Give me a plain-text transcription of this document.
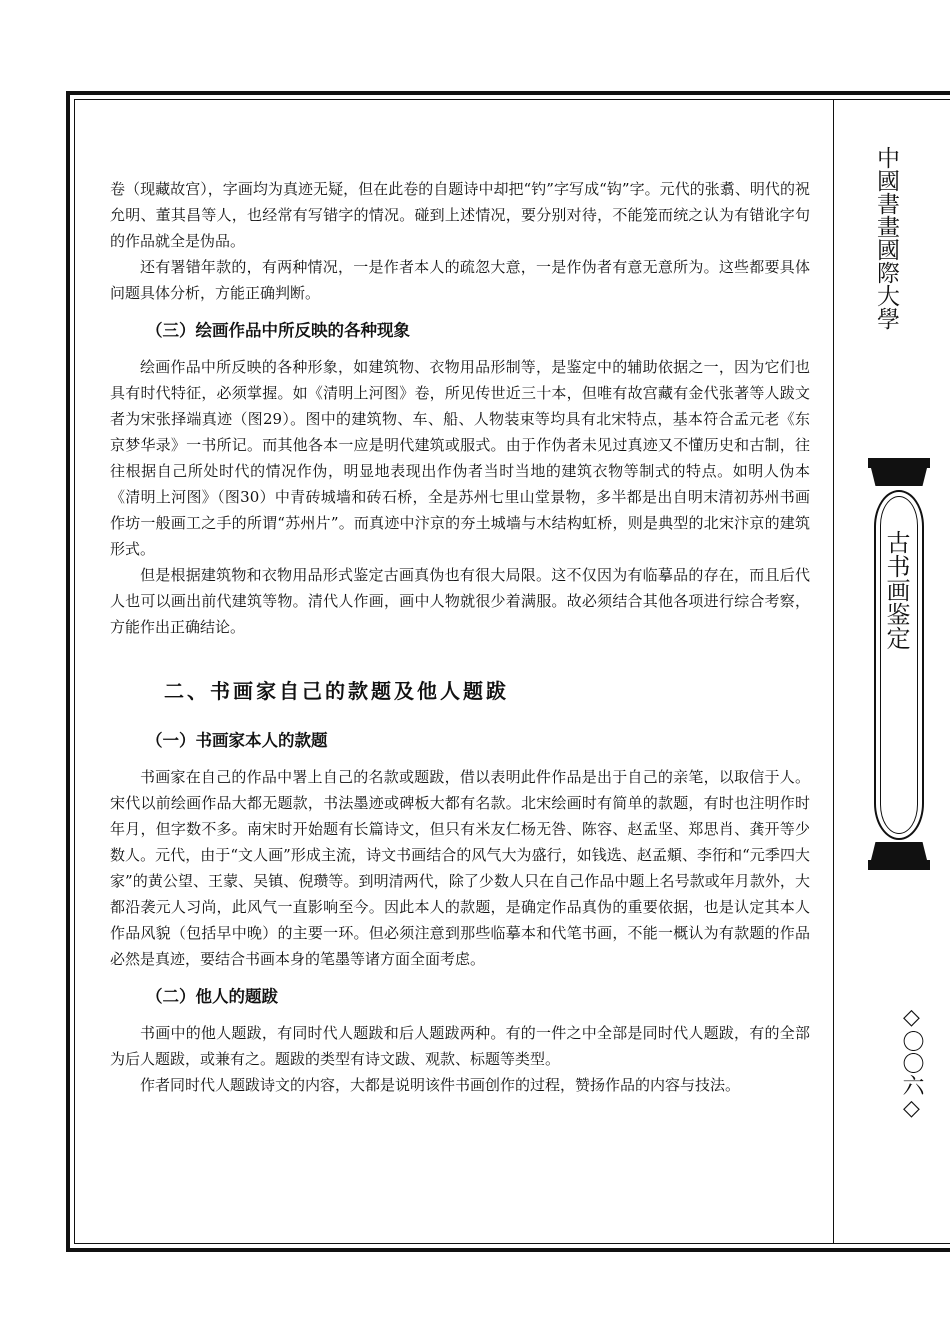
中國書畫國際大學
古书画鉴定
◇〇〇六◇

卷（现藏故宫），字画均为真迹无疑，但在此卷的自题诗中却把“钓”字写成“钩”字。元代的张翥、明代的祝允明、董其昌等人，也经常有写错字的情况。碰到上述情况，要分别对待，不能笼而统之认为有错讹字句的作品就全是伪品。

还有署错年款的，有两种情况，一是作者本人的疏忽大意，一是作伪者有意无意所为。这些都要具体问题具体分析，方能正确判断。

（三）绘画作品中所反映的各种现象

绘画作品中所反映的各种形象，如建筑物、衣物用品形制等，是鉴定中的辅助依据之一，因为它们也具有时代特征，必须掌握。如《清明上河图》卷，所见传世近三十本，但唯有故宫藏有金代张著等人跋文者为宋张择端真迹（图29）。图中的建筑物、车、船、人物装束等均具有北宋特点，基本符合孟元老《东京梦华录》一书所记。而其他各本一应是明代建筑或服式。由于作伪者未见过真迹又不懂历史和古制，往往根据自己所处时代的情况作伪，明显地表现出作伪者当时当地的建筑衣物等制式的特点。如明人伪本《清明上河图》（图30）中青砖城墙和砖石桥，全是苏州七里山堂景物，多半都是出自明末清初苏州书画作坊一般画工之手的所谓“苏州片”。而真迹中汴京的夯土城墙与木结构虹桥，则是典型的北宋汴京的建筑形式。

但是根据建筑物和衣物用品形式鉴定古画真伪也有很大局限。这不仅因为有临摹品的存在，而且后代人也可以画出前代建筑等物。清代人作画，画中人物就很少着满服。故必须结合其他各项进行综合考察，方能作出正确结论。

二、书画家自己的款题及他人题跋
（一）书画家本人的款题

书画家在自己的作品中署上自己的名款或题跋，借以表明此件作品是出于自己的亲笔，以取信于人。宋代以前绘画作品大都无题款，书法墨迹或碑板大都有名款。北宋绘画时有简单的款题，有时也注明作时年月，但字数不多。南宋时开始题有长篇诗文，但只有米友仁杨无咎、陈容、赵孟坚、郑思肖、龚开等少数人。元代，由于“文人画”形成主流，诗文书画结合的风气大为盛行，如钱选、赵孟頫、李衎和“元季四大家”的黄公望、王蒙、吴镇、倪瓒等。到明清两代，除了少数人只在自己作品中题上名号款或年月款外，大都沿袭元人习尚，此风气一直影响至今。因此本人的款题，是确定作品真伪的重要依据，也是认定其本人作品风貌（包括早中晚）的主要一环。但必须注意到那些临摹本和代笔书画，不能一概认为有款题的作品必然是真迹，要结合书画本身的笔墨等诸方面全面考虑。

（二）他人的题跋

书画中的他人题跋，有同时代人题跋和后人题跋两种。有的一件之中全部是同时代人题跋，有的全部为后人题跋，或兼有之。题跋的类型有诗文跋、观款、标题等类型。

作者同时代人题跋诗文的内容，大都是说明该件书画创作的过程，赞扬作品的内容与技法。
